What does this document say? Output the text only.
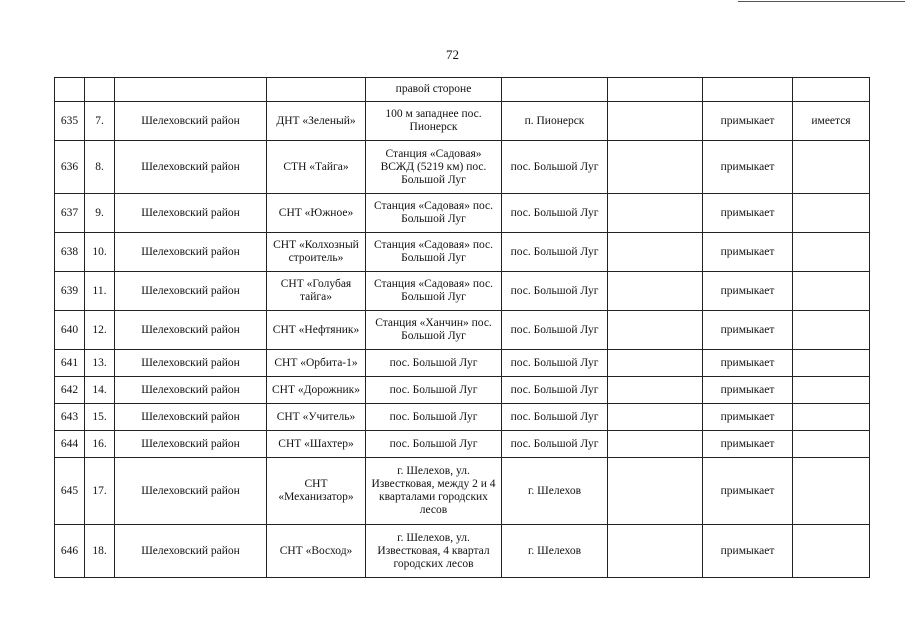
72
				правой стороне				
635	7.	Шелеховский район	ДНТ «Зеленый»	100 м западнее пос. Пионерск	п. Пионерск		примыкает	имеется
636	8.	Шелеховский район	СТН «Тайга»	Станция «Садовая» ВСЖД (5219 км) пос. Большой Луг	пос. Большой Луг		примыкает	
637	9.	Шелеховский район	СНТ «Южное»	Станция «Садовая» пос. Большой Луг	пос. Большой Луг		примыкает	
638	10.	Шелеховский район	СНТ «Колхозный строитель»	Станция «Садовая» пос. Большой Луг	пос. Большой Луг		примыкает	
639	11.	Шелеховский район	СНТ «Голубая тайга»	Станция «Садовая» пос. Большой Луг	пос. Большой Луг		примыкает	
640	12.	Шелеховский район	СНТ «Нефтяник»	Станция «Ханчин» пос. Большой Луг	пос. Большой Луг		примыкает	
641	13.	Шелеховский район	СНТ «Орбита-1»	пос. Большой Луг	пос. Большой Луг		примыкает	
642	14.	Шелеховский район	СНТ «Дорожник»	пос. Большой Луг	пос. Большой Луг		примыкает	
643	15.	Шелеховский район	СНТ «Учитель»	пос. Большой Луг	пос. Большой Луг		примыкает	
644	16.	Шелеховский район	СНТ «Шахтер»	пос. Большой Луг	пос. Большой Луг		примыкает	
645	17.	Шелеховский район	СНТ «Механизатор»	г. Шелехов, ул. Известковая, между 2 и 4 кварталами городских лесов	г. Шелехов		примыкает	
646	18.	Шелеховский район	СНТ «Восход»	г. Шелехов, ул. Известковая, 4 квартал городских лесов	г. Шелехов		примыкает	
